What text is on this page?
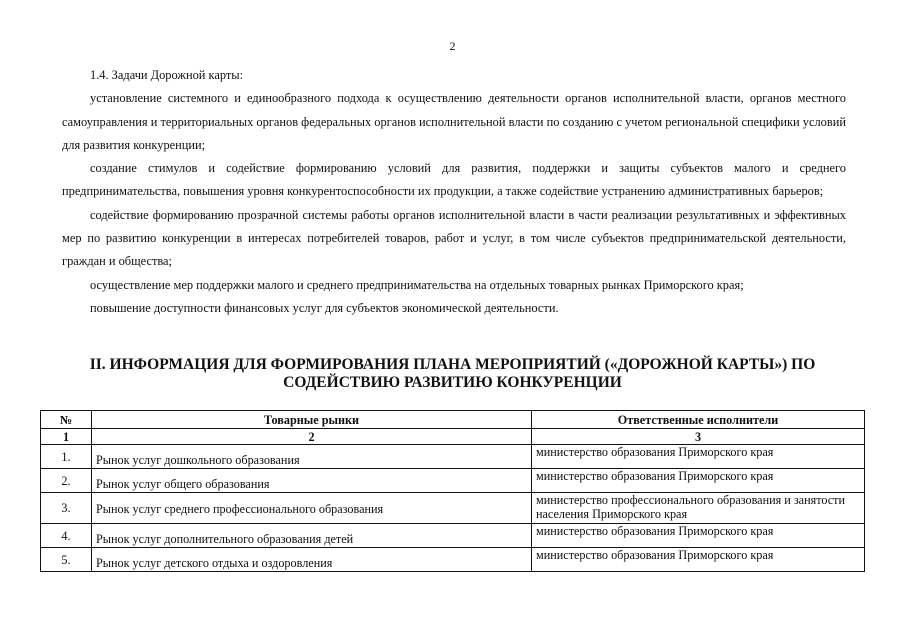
2

1.4. Задачи Дорожной карты:

установление системного и единообразного подхода к осуществлению деятельности органов исполнительной власти, органов местного самоуправления и территориальных органов федеральных органов исполнительной власти по созданию с учетом региональной специфики условий для развития конкуренции;

создание стимулов и содействие формированию условий для развития, поддержки и защиты субъектов малого и среднего предпринимательства, повышения уровня конкурентоспособности их продукции, а также содействие устранению административных барьеров;

содействие формированию прозрачной системы работы органов исполнительной власти в части реализации результативных и эффективных мер по развитию конкуренции в интересах потребителей товаров, работ и услуг, в том числе субъектов предпринимательской деятельности, граждан и общества;

осуществление мер поддержки малого и среднего предпринимательства на отдельных товарных рынках Приморского края;

повышение доступности финансовых услуг для субъектов экономической деятельности.

II. ИНФОРМАЦИЯ ДЛЯ ФОРМИРОВАНИЯ ПЛАНА МЕРОПРИЯТИЙ («ДОРОЖНОЙ КАРТЫ») ПО
СОДЕЙСТВИЮ РАЗВИТИЮ КОНКУРЕНЦИИ
№	Товарные рынки	Ответственные исполнители
1	2	3
1.	Рынок услуг дошкольного образования	министерство образования Приморского края
2.	Рынок услуг общего образования	министерство образования Приморского края
3.	Рынок услуг среднего профессионального образования	министерство профессионального образования и занятости населения Приморского края
4.	Рынок услуг дополнительного образования детей	министерство образования Приморского края
5.	Рынок услуг детского отдыха и оздоровления	министерство образования Приморского края
